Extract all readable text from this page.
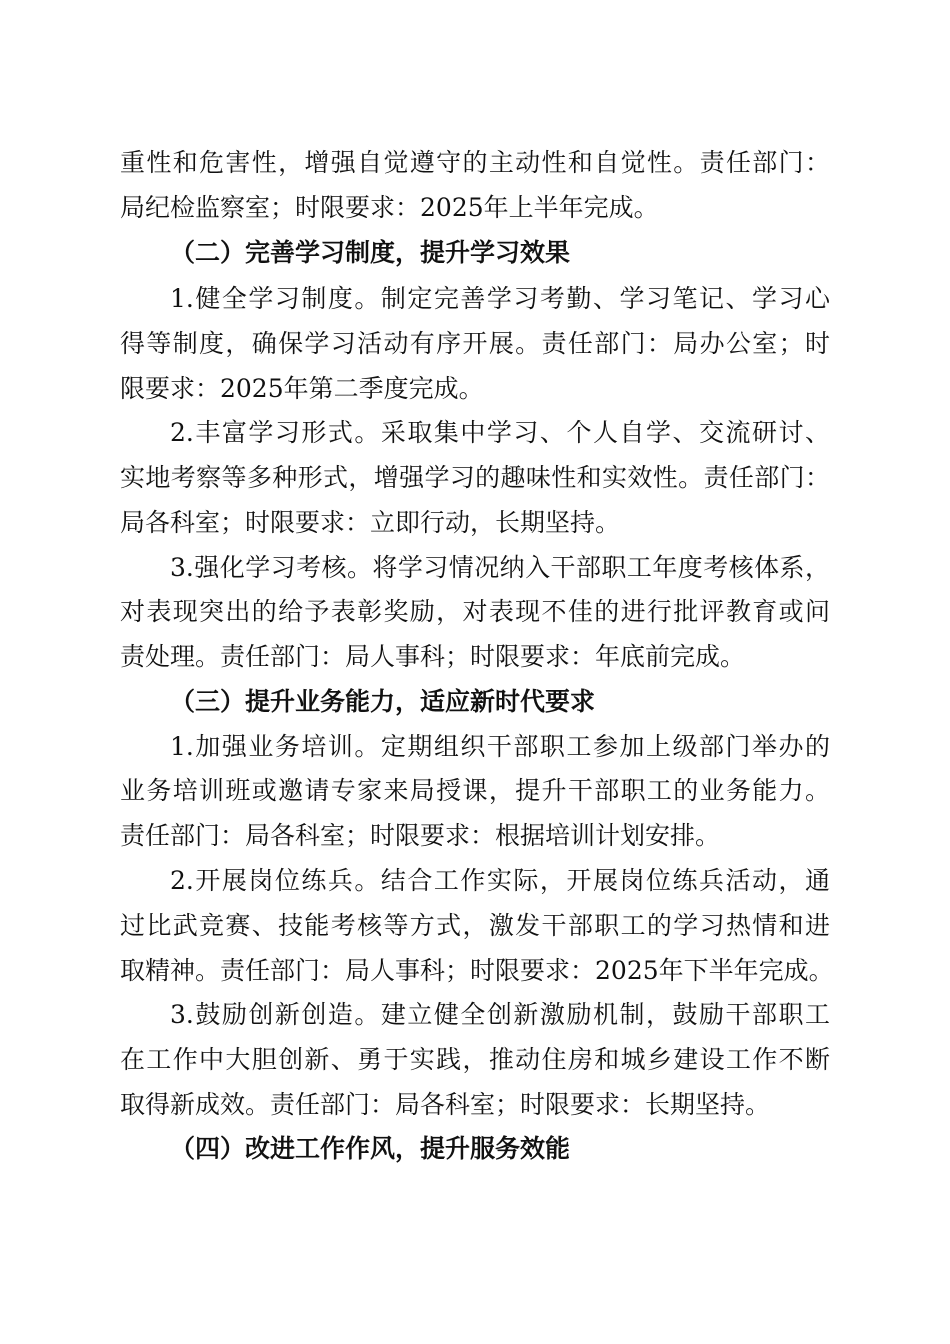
重性和危害性，增强自觉遵守的主动性和自觉性。责任部门：
局纪检监察室；时限要求：2025年上半年完成。
（二）完善学习制度，提升学习效果
1.健全学习制度。制定完善学习考勤、学习笔记、学习心
得等制度，确保学习活动有序开展。责任部门：局办公室；时
限要求：2025年第二季度完成。
2.丰富学习形式。采取集中学习、个人自学、交流研讨、
实地考察等多种形式，增强学习的趣味性和实效性。责任部门：
局各科室；时限要求：立即行动，长期坚持。
3.强化学习考核。将学习情况纳入干部职工年度考核体系，
对表现突出的给予表彰奖励，对表现不佳的进行批评教育或问
责处理。责任部门：局人事科；时限要求：年底前完成。
（三）提升业务能力，适应新时代要求
1.加强业务培训。定期组织干部职工参加上级部门举办的
业务培训班或邀请专家来局授课，提升干部职工的业务能力。
责任部门：局各科室；时限要求：根据培训计划安排。
2.开展岗位练兵。结合工作实际，开展岗位练兵活动，通
过比武竞赛、技能考核等方式，激发干部职工的学习热情和进
取精神。责任部门：局人事科；时限要求：2025年下半年完成。
3.鼓励创新创造。建立健全创新激励机制，鼓励干部职工
在工作中大胆创新、勇于实践，推动住房和城乡建设工作不断
取得新成效。责任部门：局各科室；时限要求：长期坚持。
（四）改进工作作风，提升服务效能
